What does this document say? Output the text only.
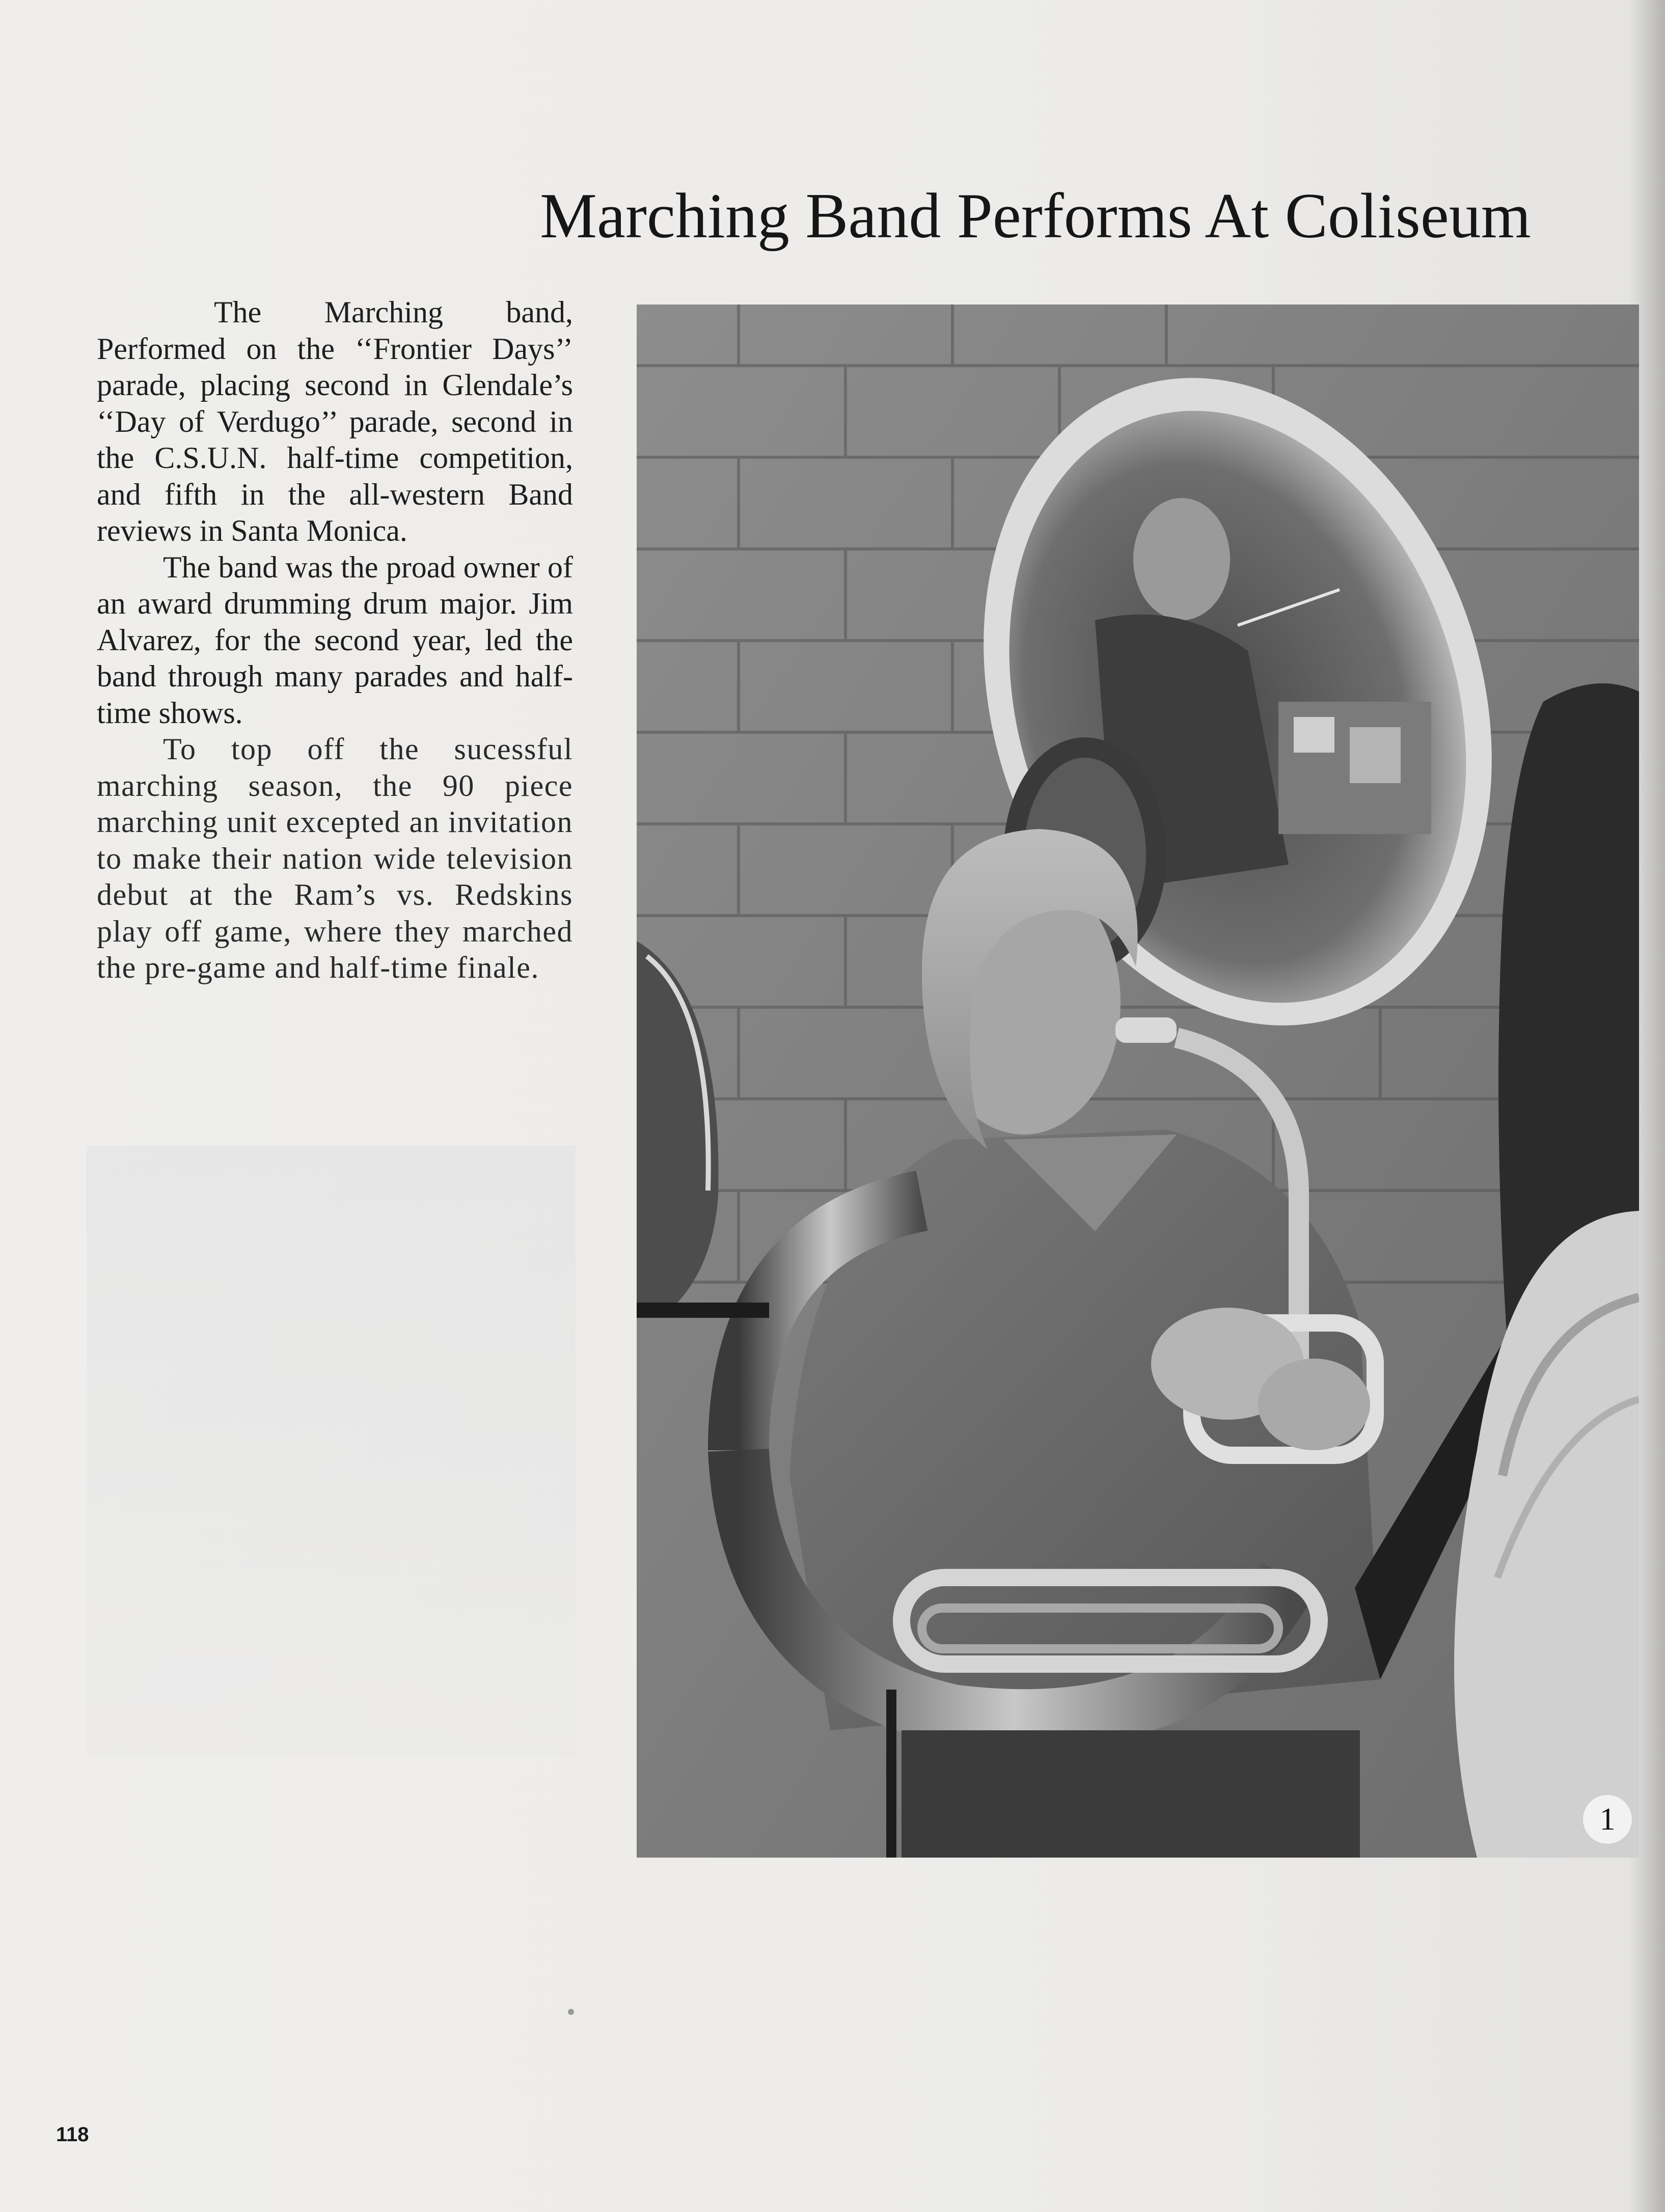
Marching Band Performs At Coliseum

The Marching band, Performed on the ‘‘Frontier Days’’ parade, placing second in Glendale’s ‘‘Day of Verdugo’’ parade, second in the C.S.U.N. half-time competition, and fifth in the all-western Band reviews in Santa Monica.

The band was the proad owner of an award drumming drum major. Jim Alvarez, for the second year, led the band through many parades and half-time shows.

To top off the sucessful marching season, the 90 piece marching unit excepted an invitation to make their nation wide television debut at the Ram’s vs. Redskins play off game, where they marched the pre-game and half-time finale.

1
118
